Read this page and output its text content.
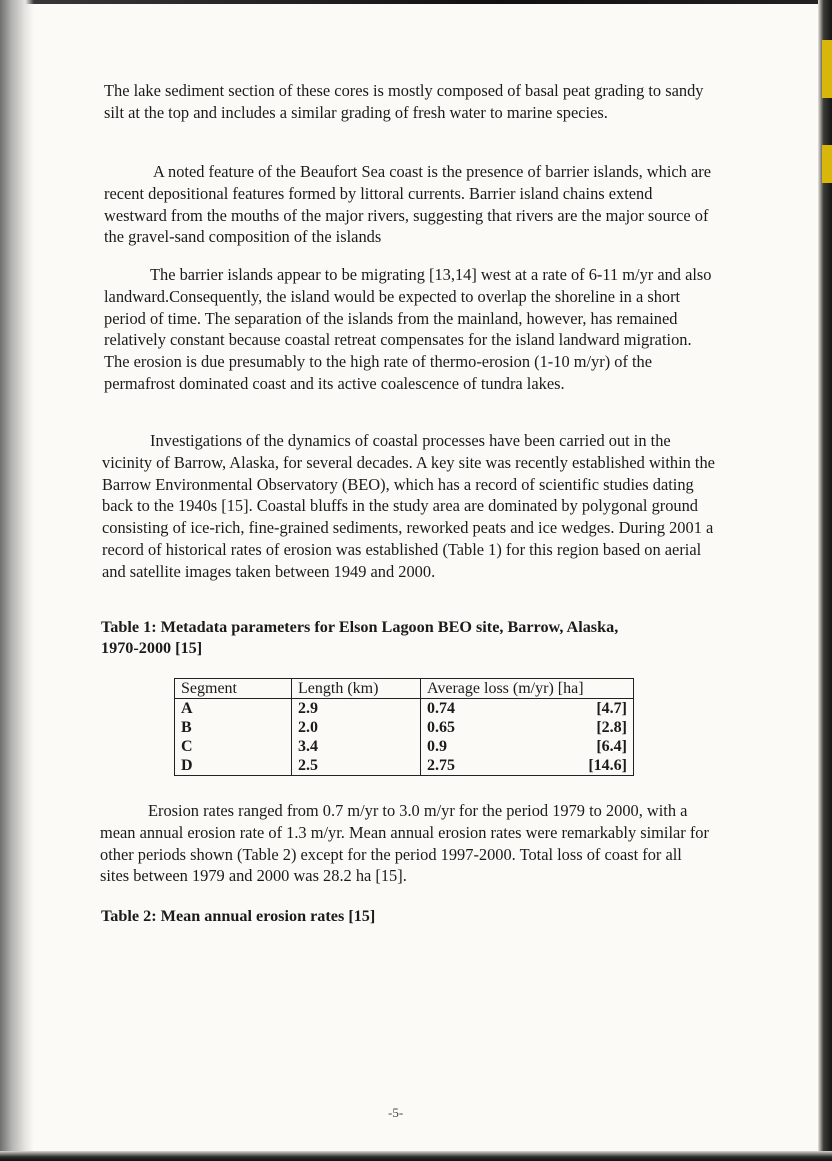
The lake sediment section of these cores is mostly composed of basal peat grading to sandy silt at the top and includes a similar grading of fresh water to marine species.

A noted feature of the Beaufort Sea coast is the presence of barrier islands, which are recent depositional features formed by littoral currents. Barrier island chains extend westward from the mouths of the major rivers, suggesting that rivers are the major source of the gravel-sand composition of the islands

The barrier islands appear to be migrating [13,14] west at a rate of 6-11 m/yr and also landward.Consequently, the island would be expected to overlap the shoreline in a short period of time. The separation of the islands from the mainland, however, has remained relatively constant because coastal retreat compensates for the island landward migration. The erosion is due presumably to the high rate of thermo-erosion (1-10 m/yr) of the permafrost dominated coast and its active coalescence of tundra lakes.

Investigations of the dynamics of coastal processes have been carried out in the vicinity of Barrow, Alaska, for several decades. A key site was recently established within the Barrow Environmental Observatory (BEO), which has a record of scientific studies dating back to the 1940s [15]. Coastal bluffs in the study area are dominated by polygonal ground consisting of ice-rich, fine-grained sediments, reworked peats and ice wedges. During 2001 a record of historical rates of erosion was established (Table 1) for this region based on aerial and satellite images taken between 1949 and 2000.

Table 1: Metadata parameters for Elson Lagoon BEO site, Barrow, Alaska, 1970-2000 [15]

Segment	Length (km)	Average loss (m/yr) [ha]
A	2.9	0.74 [4.7]

B	2.0	0.65 [2.8]

C	3.4	0.9 [6.4]

D	2.5	2.75 [14.6]

Erosion rates ranged from 0.7 m/yr to 3.0 m/yr for the period 1979 to 2000, with a mean annual erosion rate of 1.3 m/yr. Mean annual erosion rates were remarkably similar for other periods shown (Table 2) except for the period 1997-2000. Total loss of coast for all sites between 1979 and 2000 was 28.2 ha [15].

Table 2: Mean annual erosion rates [15]

-5-
